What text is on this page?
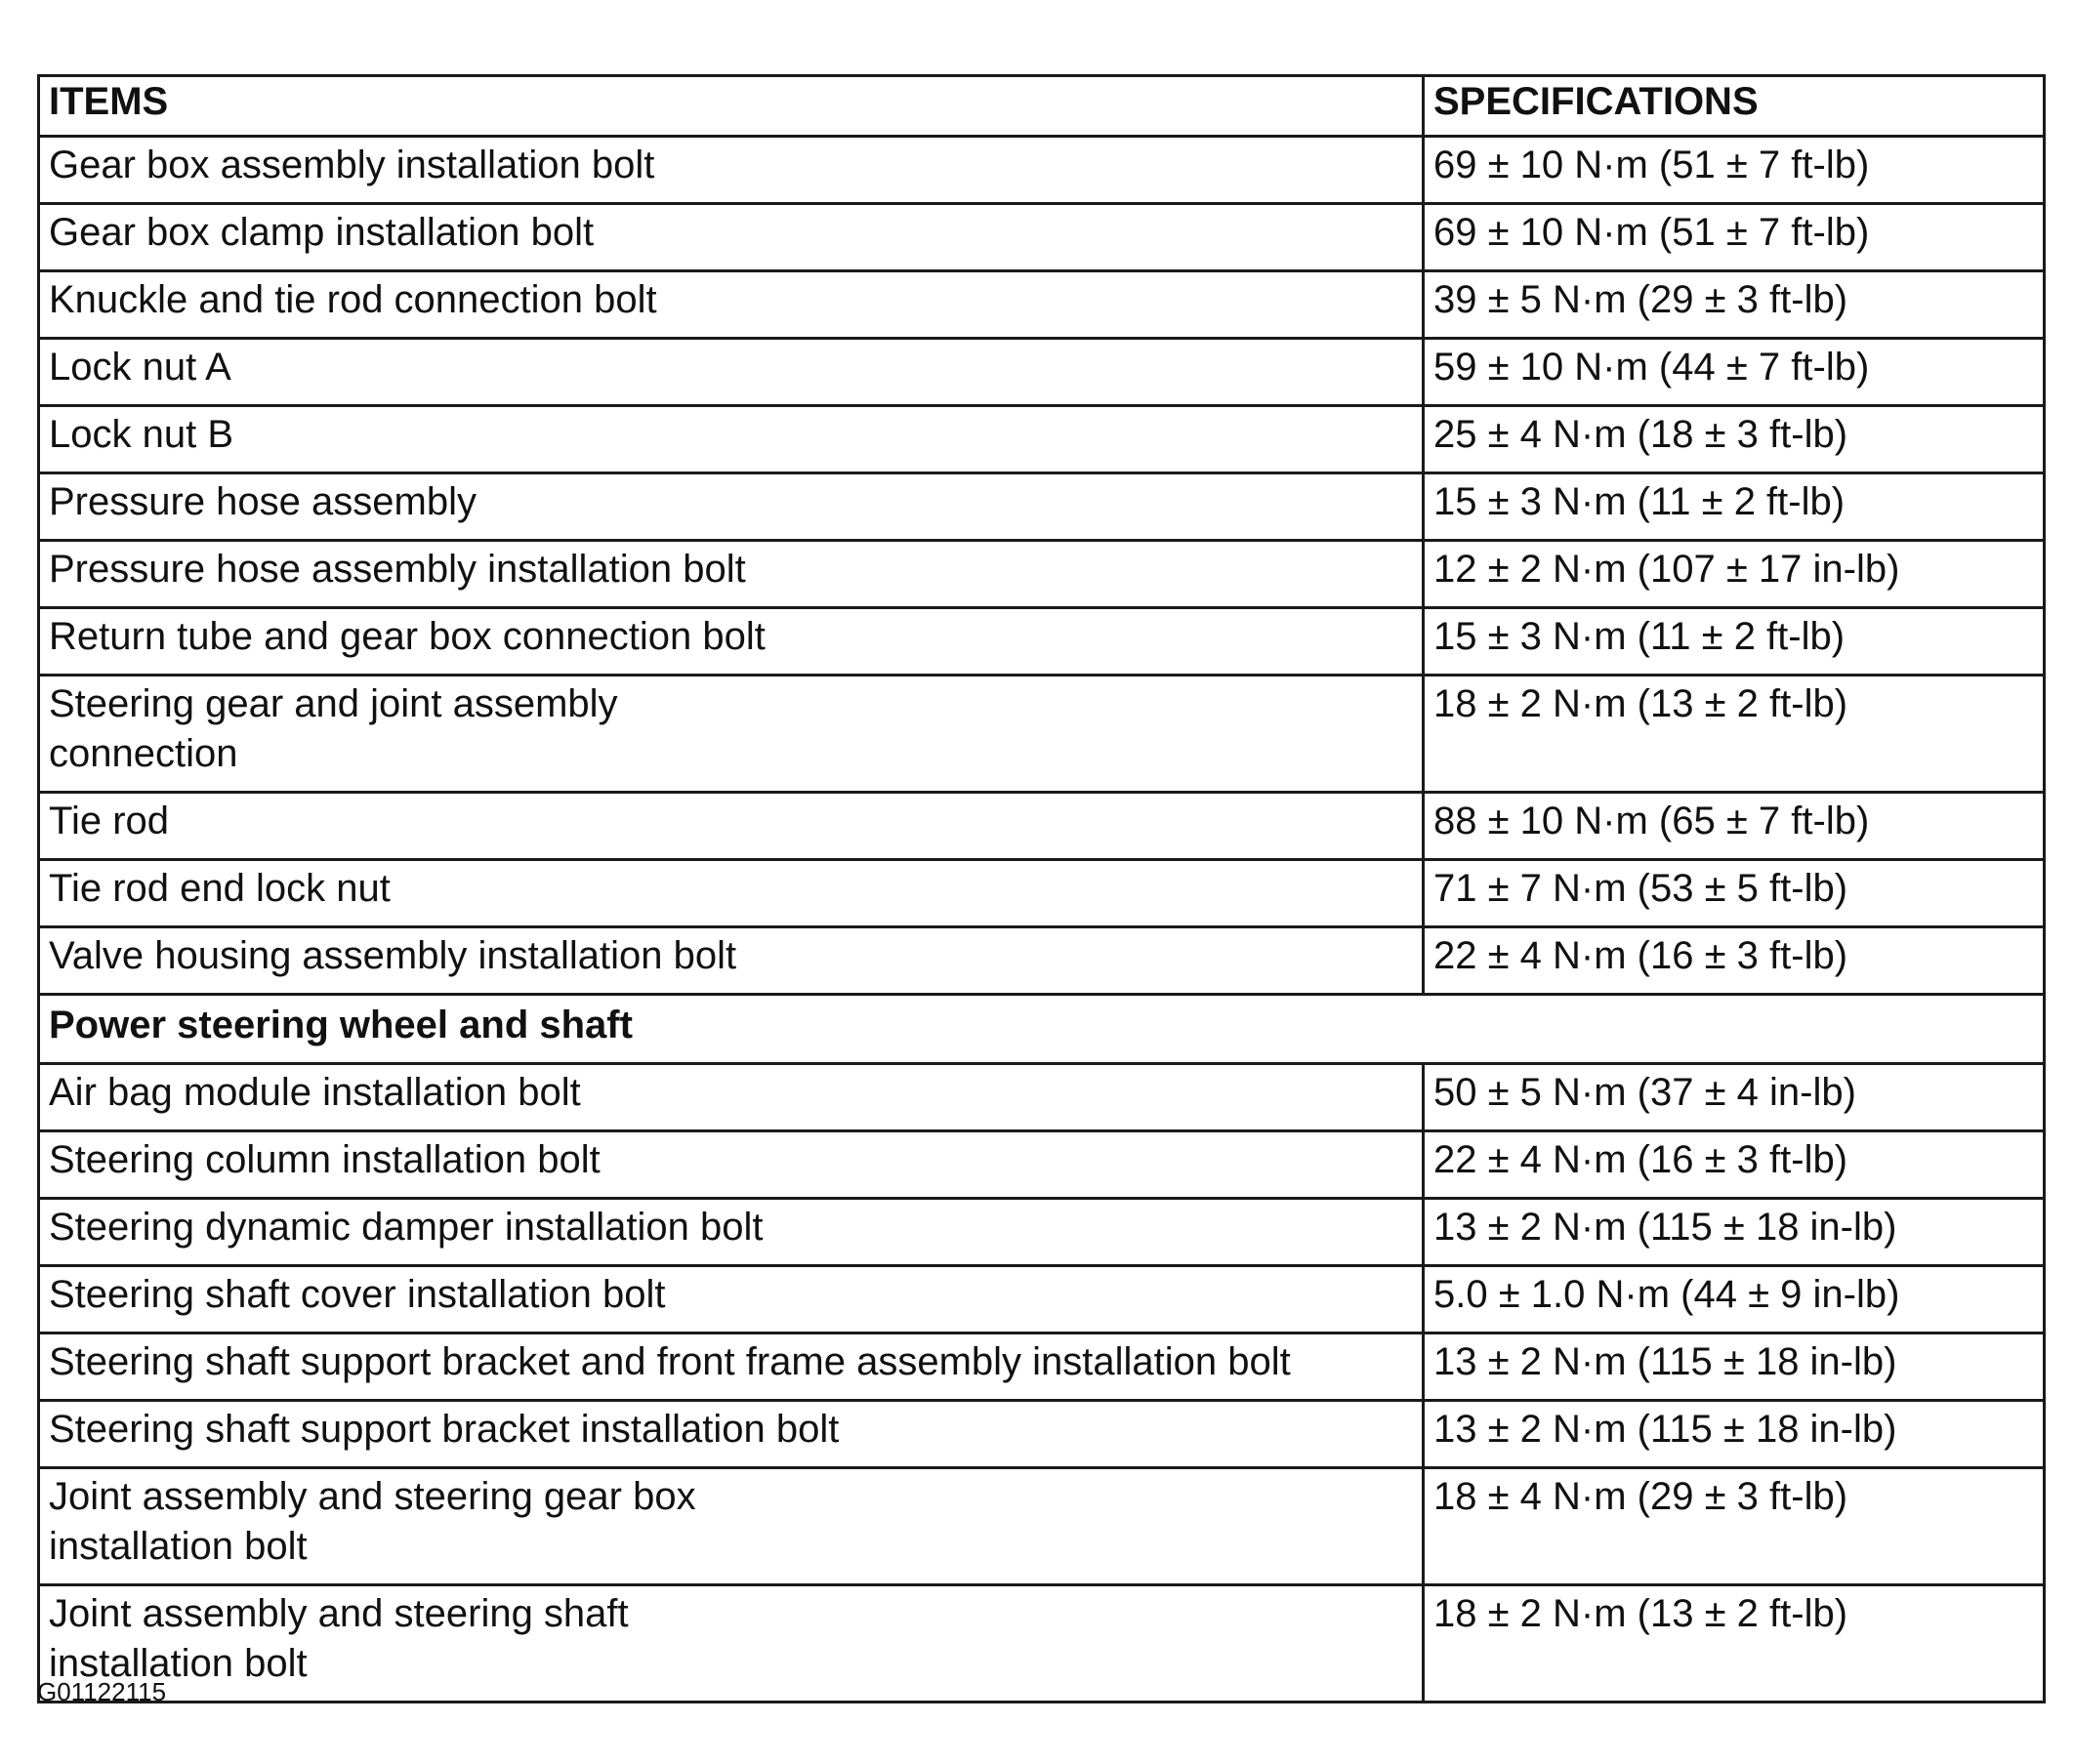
ITEMS	SPECIFICATIONS
Gear box assembly installation bolt	69 ± 10 N·m (51 ± 7 ft-lb)
Gear box clamp installation bolt	69 ± 10 N·m (51 ± 7 ft-lb)
Knuckle and tie rod connection bolt	39 ± 5 N·m (29 ± 3 ft-lb)
Lock nut A	59 ± 10 N·m (44 ± 7 ft-lb)
Lock nut B	25 ± 4 N·m (18 ± 3 ft-lb)
Pressure hose assembly	15 ± 3 N·m (11 ± 2 ft-lb)
Pressure hose assembly installation bolt	12 ± 2 N·m (107 ± 17 in-lb)
Return tube and gear box connection bolt	15 ± 3 N·m (11 ± 2 ft-lb)
Steering gear and joint assembly
connection	18 ± 2 N·m (13 ± 2 ft-lb)
Tie rod	88 ± 10 N·m (65 ± 7 ft-lb)
Tie rod end lock nut	71 ± 7 N·m (53 ± 5 ft-lb)
Valve housing assembly installation bolt	22 ± 4 N·m (16 ± 3 ft-lb)
Power steering wheel and shaft	
Air bag module installation bolt	50 ± 5 N·m (37 ± 4 in-lb)
Steering column installation bolt	22 ± 4 N·m (16 ± 3 ft-lb)
Steering dynamic damper installation bolt	13 ± 2 N·m (115 ± 18 in-lb)
Steering shaft cover installation bolt	5.0 ± 1.0 N·m (44 ± 9 in-lb)
Steering shaft support bracket and front frame assembly installation bolt	13 ± 2 N·m (115 ± 18 in-lb)
Steering shaft support bracket installation bolt	13 ± 2 N·m (115 ± 18 in-lb)
Joint assembly and steering gear box
installation bolt	18 ± 4 N·m (29 ± 3 ft-lb)
Joint assembly and steering shaft
installation bolt	18 ± 2 N·m (13 ± 2 ft-lb)
G01122115
